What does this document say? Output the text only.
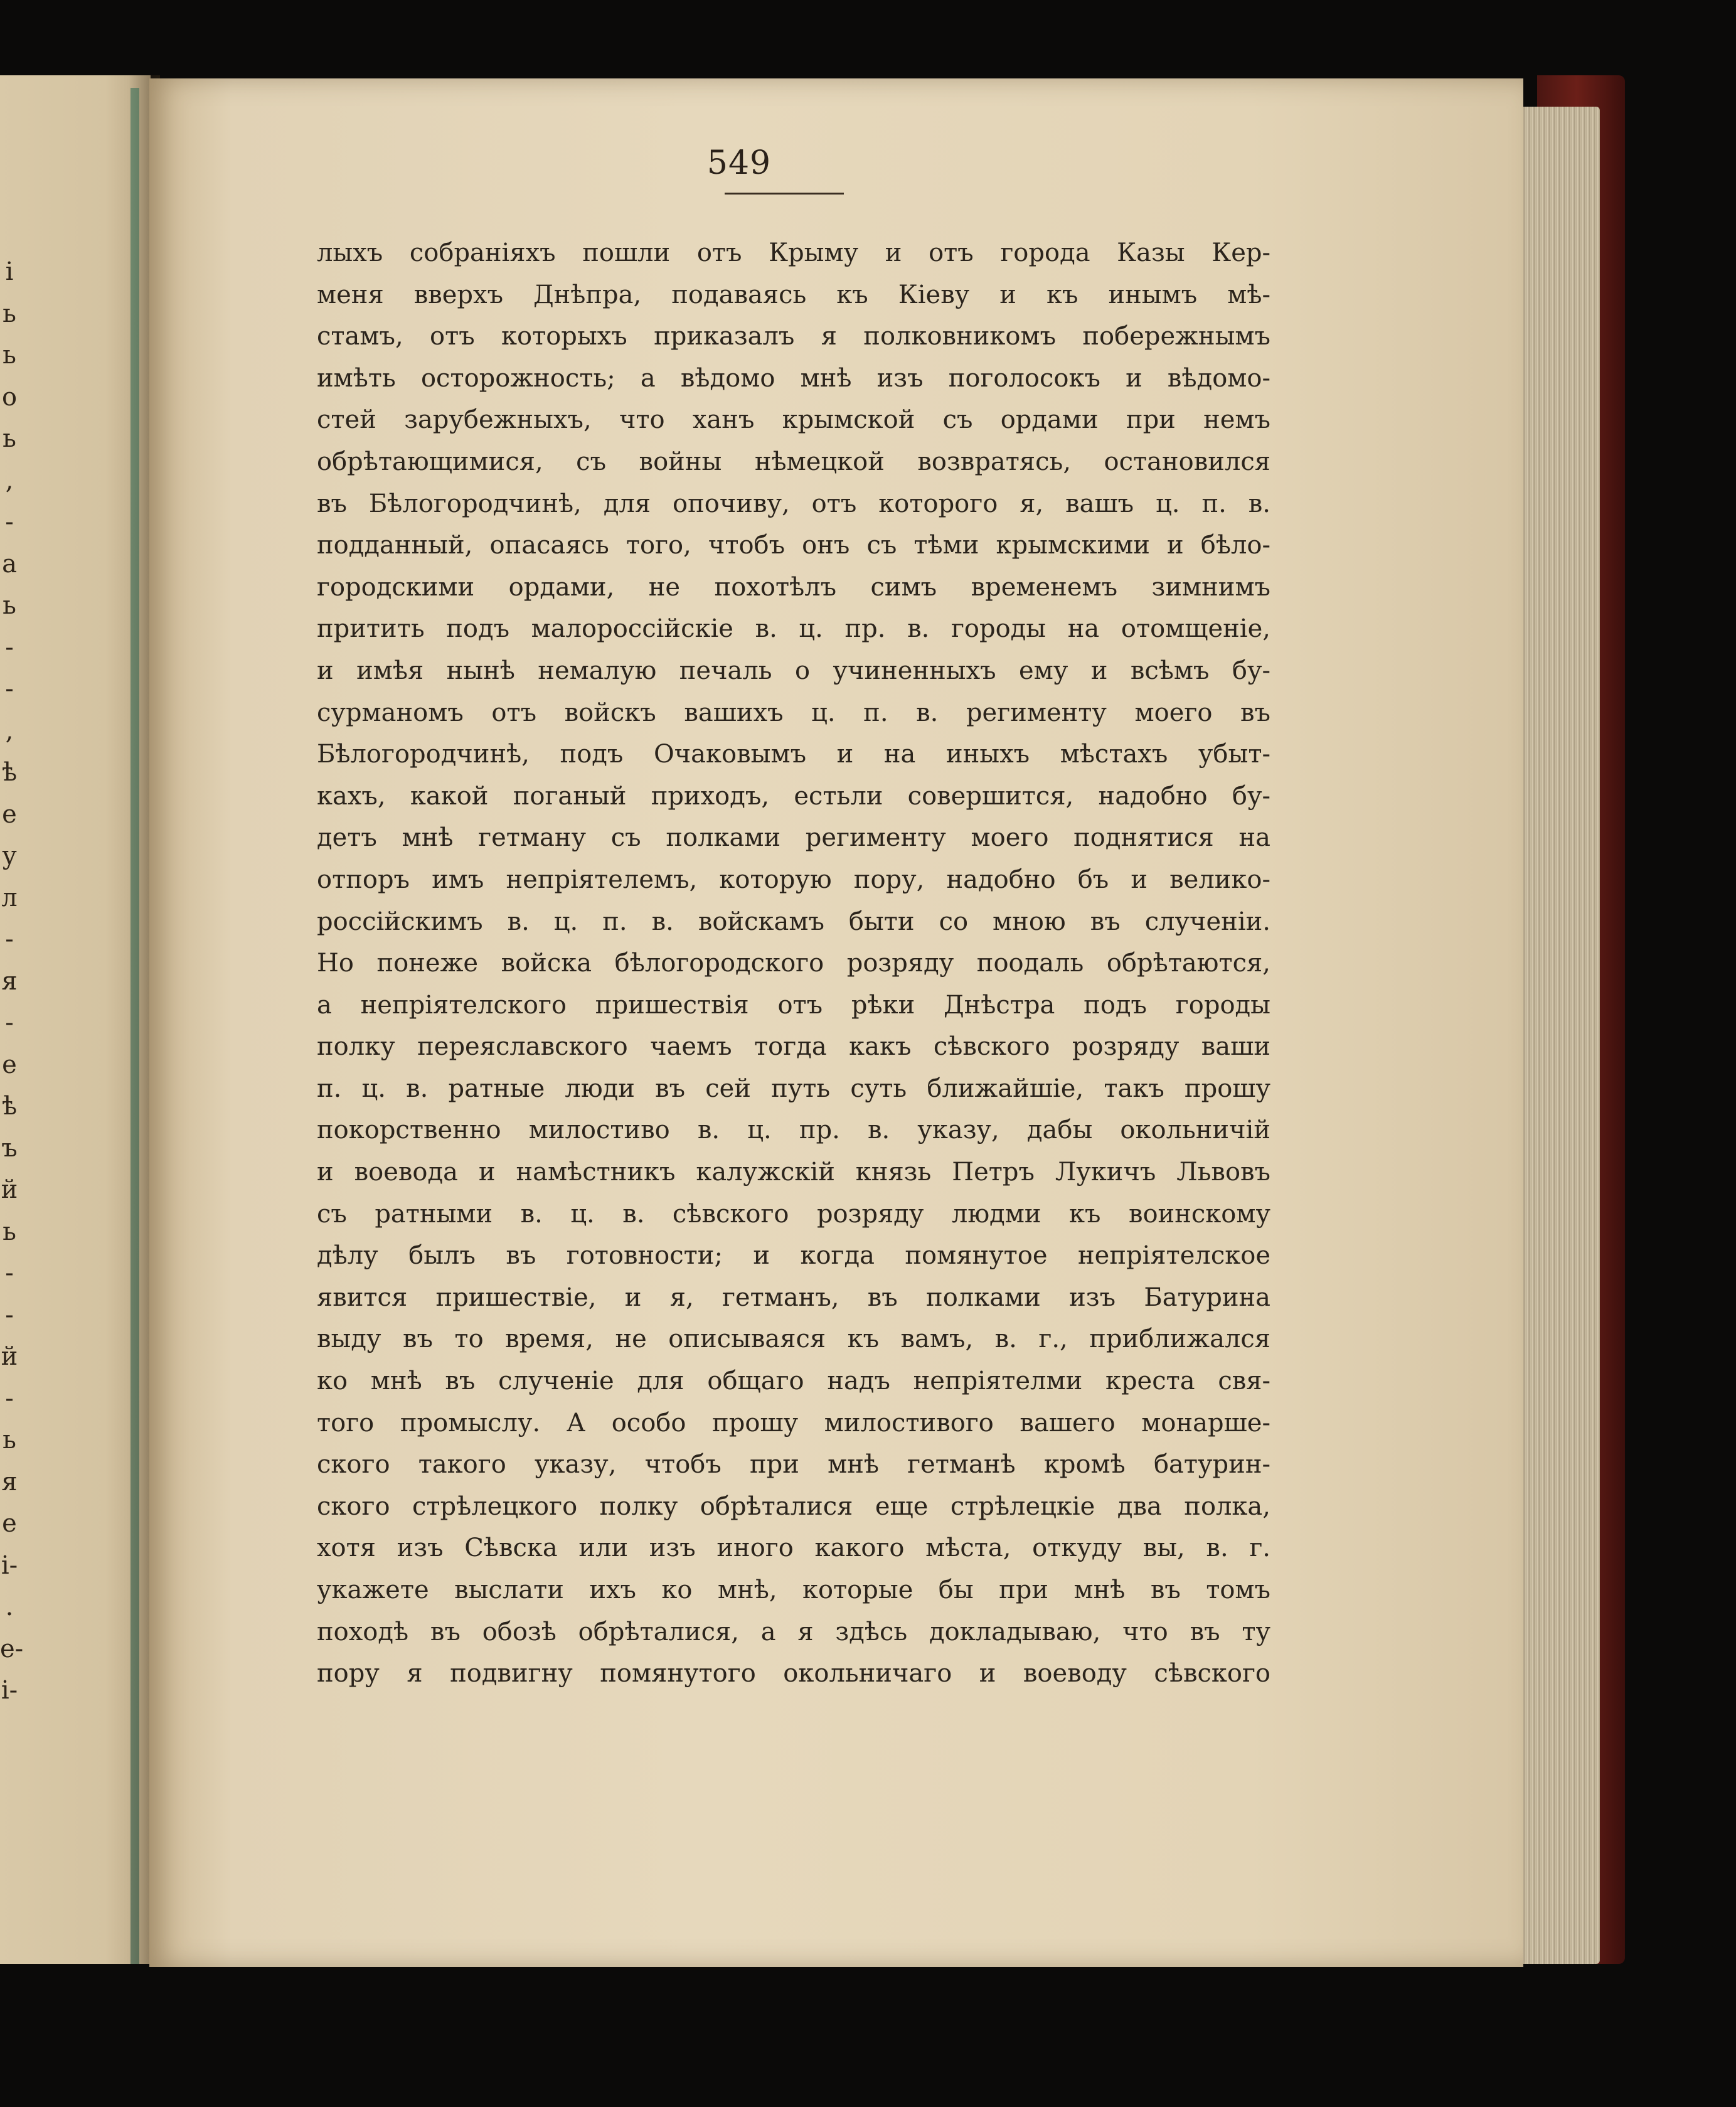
і
ь
ь
о
ь
,
-
а
ь
-
-
,
ѣ
е
у
л
-
я
-
е
ѣ
ъ
й
ь
-
-
й
-
ь
я
е
і-
.
е-
і-
549
лыхъ собраніяхъ пошли отъ Крыму и отъ города Казы Кер-
меня вверхъ Днѣпра, подаваясь къ Кіеву и къ инымъ мѣ-
стамъ, отъ которыхъ приказалъ я полковникомъ побережнымъ
имѣть осторожность; а вѣдомо мнѣ изъ поголосокъ и вѣдомо-
стей зарубежныхъ, что ханъ крымской съ ордами при немъ
обрѣтающимися, съ войны нѣмецкой возвратясь, остановился
въ Бѣлогородчинѣ, для опочиву, отъ которого я, вашъ ц. п. в.
подданный, опасаясь того, чтобъ онъ съ тѣми крымскими и бѣло-
городскими ордами, не похотѣлъ симъ временемъ зимнимъ
притить подъ малороссійскіе в. ц. пр. в. городы на отомщеніе,
и имѣя нынѣ немалую печаль о учиненныхъ ему и всѣмъ бу-
сурманомъ отъ войскъ вашихъ ц. п. в. регименту моего въ
Бѣлогородчинѣ, подъ Очаковымъ и на иныхъ мѣстахъ убыт-
кахъ, какой поганый приходъ, естьли совершится, надобно бу-
детъ мнѣ гетману съ полками регименту моего поднятися на
отпоръ имъ непріятелемъ, которую пору, надобно бъ и велико-
россійскимъ в. ц. п. в. войскамъ быти со мною въ слученіи.
Но понеже войска бѣлогородского розряду поодаль обрѣтаются,
а непріятелского пришествія отъ рѣки Днѣстра подъ городы
полку переяславского чаемъ тогда какъ сѣвского розряду ваши
п. ц. в. ратные люди въ сей путь суть ближайшіе, такъ прошу
покорственно милостиво в. ц. пр. в. указу, дабы окольничій
и воевода и намѣстникъ калужскій князь Петръ Лукичъ Львовъ
съ ратными в. ц. в. сѣвского розряду людми къ воинскому
дѣлу былъ въ готовности; и когда помянутое непріятелское
явится пришествіе, и я, гетманъ, въ полками изъ Батурина
выду въ то время, не описываяся къ вамъ, в. г., приближался
ко мнѣ въ слученіе для общаго надъ непріятелми креста свя-
того промыслу. А особо прошу милостивого вашего монарше-
ского такого указу, чтобъ при мнѣ гетманѣ кромѣ батурин-
ского стрѣлецкого полку обрѣталися еще стрѣлецкіе два полка,
хотя изъ Сѣвска или изъ иного какого мѣста, откуду вы, в. г.
укажете выслати ихъ ко мнѣ, которые бы при мнѣ въ томъ
походѣ въ обозѣ обрѣталися, а я здѣсь докладываю, что въ ту
пору я подвигну помянутого окольничаго и воеводу сѣвского
